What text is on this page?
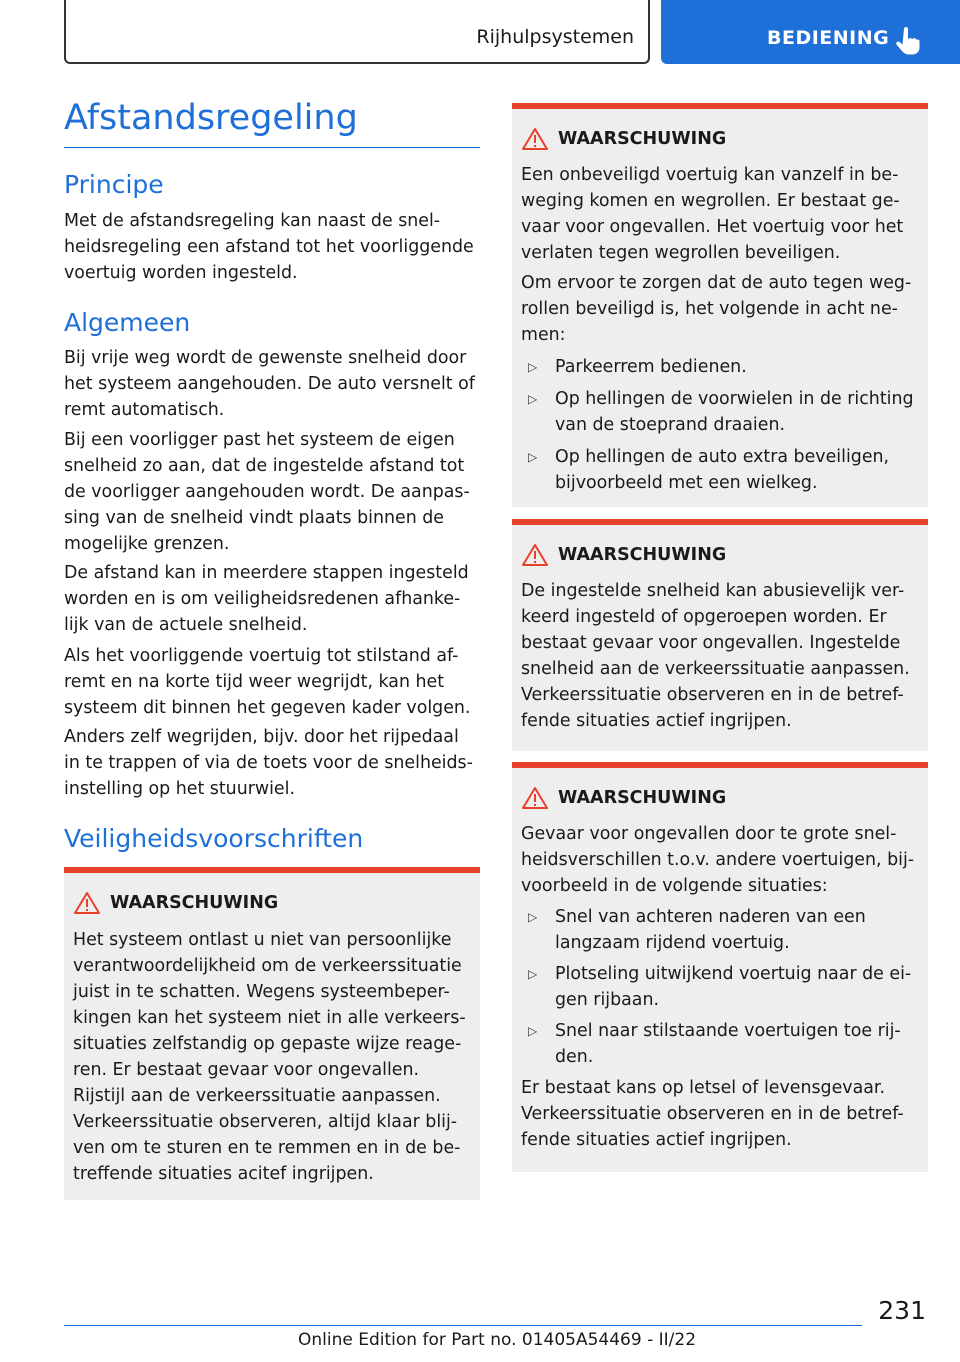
Rijhulpsystemen	BEDIENING
Afstandsregeling
Principe
Met de afstandsregeling kan naast de snel-
heidsregeling een afstand tot het voorliggende
voertuig worden ingesteld.
Algemeen
Bij vrije weg wordt de gewenste snelheid door
het systeem aangehouden. De auto versnelt of
remt automatisch.
Bij een voorligger past het systeem de eigen
snelheid zo aan, dat de ingestelde afstand tot
de voorligger aangehouden wordt. De aanpas-
sing van de snelheid vindt plaats binnen de
mogelijke grenzen.
De afstand kan in meerdere stappen ingesteld
worden en is om veiligheidsredenen afhanke-
lijk van de actuele snelheid.
Als het voorliggende voertuig tot stilstand af-
remt en na korte tijd weer wegrijdt, kan het
systeem dit binnen het gegeven kader volgen.
Anders zelf wegrijden, bijv. door het rijpedaal
in te trappen of via de toets voor de snelheids-
instelling op het stuurwiel.
Veiligheidsvoorschriften
WAARSCHUWING
Het systeem ontlast u niet van persoonlijke
verantwoordelijkheid om de verkeerssituatie
juist in te schatten. Wegens systeembeper-
kingen kan het systeem niet in alle verkeers-
situaties zelfstandig op gepaste wijze reage-
ren. Er bestaat gevaar voor ongevallen.
Rijstijl aan de verkeerssituatie aanpassen.
Verkeerssituatie observeren, altijd klaar blij-
ven om te sturen en te remmen en in de be-
treffende situaties acitef ingrijpen.
WAARSCHUWING
Een onbeveiligd voertuig kan vanzelf in be-
weging komen en wegrollen. Er bestaat ge-
vaar voor ongevallen. Het voertuig voor het
verlaten tegen wegrollen beveiligen.
Om ervoor te zorgen dat de auto tegen weg-
rollen beveiligd is, het volgende in acht ne-
men:
▷ Parkeerrem bedienen.
▷ Op hellingen de voorwielen in de richting
van de stoeprand draaien.
▷ Op hellingen de auto extra beveiligen,
bijvoorbeeld met een wielkeg.
WAARSCHUWING
De ingestelde snelheid kan abusievelijk ver-
keerd ingesteld of opgeroepen worden. Er
bestaat gevaar voor ongevallen. Ingestelde
snelheid aan de verkeerssituatie aanpassen.
Verkeerssituatie observeren en in de betref-
fende situaties actief ingrijpen.
WAARSCHUWING
Gevaar voor ongevallen door te grote snel-
heidsverschillen t.o.v. andere voertuigen, bij-
voorbeeld in de volgende situaties:
▷ Snel van achteren naderen van een
langzaam rijdend voertuig.
▷ Plotseling uitwijkend voertuig naar de ei-
gen rijbaan.
▷ Snel naar stilstaande voertuigen toe rij-
den.
Er bestaat kans op letsel of levensgevaar.
Verkeerssituatie observeren en in de betref-
fende situaties actief ingrijpen.
231
Online Edition for Part no. 01405A54469 - II/22
